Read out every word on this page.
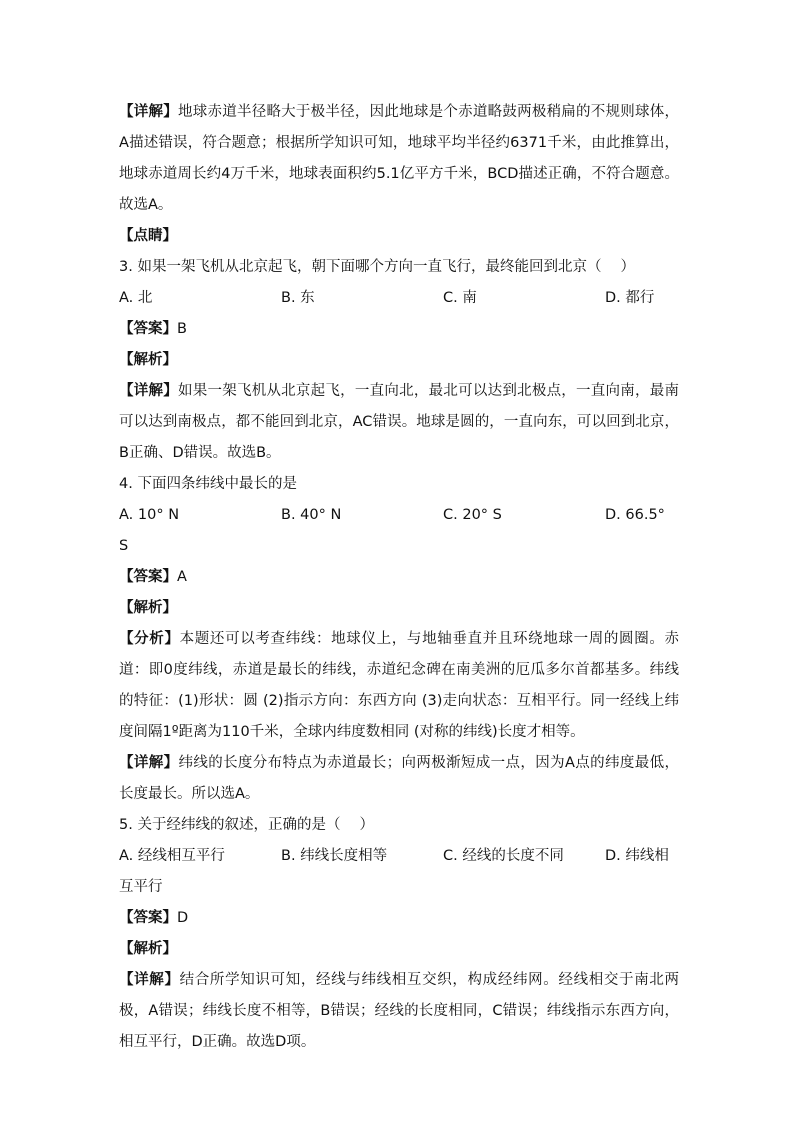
【详解】地球赤道半径略大于极半径，因此地球是个赤道略鼓两极稍扁的不规则球体，A描述错误，符合题意；根据所学知识可知，地球平均半径约6371千米，由此推算出，地球赤道周长约4万千米，地球表面积约5.1亿平方千米，BCD描述正确，不符合题意。故选A。
【点睛】
3. 如果一架飞机从北京起飞，朝下面哪个方向一直飞行，最终能回到北京（　 ）
A. 北	B. 东	C. 南	D. 都行
【答案】B
【解析】
【详解】如果一架飞机从北京起飞，一直向北，最北可以达到北极点，一直向南，最南可以达到南极点，都不能回到北京，AC错误。地球是圆的，一直向东，可以回到北京，B正确、D错误。故选B。
4. 下面四条纬线中最长的是
A. 10° N	B. 40° N	C. 20° S	D. 66.5°
S
【答案】A
【解析】
【分析】本题还可以考查纬线：地球仪上，与地轴垂直并且环绕地球一周的圆圈。赤道：即0度纬线，赤道是最长的纬线，赤道纪念碑在南美洲的厄瓜多尔首都基多。纬线的特征：(1)形状：圆 (2)指示方向：东西方向 (3)走向状态：互相平行。同一经线上纬度间隔1º距离为110千米，全球内纬度数相同 (对称的纬线)长度才相等。
【详解】纬线的长度分布特点为赤道最长；向两极渐短成一点，因为A点的纬度最低，长度最长。所以选A。
5. 关于经纬线的叙述，正确的是（　 ）
A. 经线相互平行	B. 纬线长度相等	C. 经线的长度不同	D. 纬线相
互平行
【答案】D
【解析】
【详解】结合所学知识可知，经线与纬线相互交织，构成经纬网。经线相交于南北两极，A错误；纬线长度不相等，B错误；经线的长度相同，C错误；纬线指示东西方向，相互平行，D正确。故选D项。
